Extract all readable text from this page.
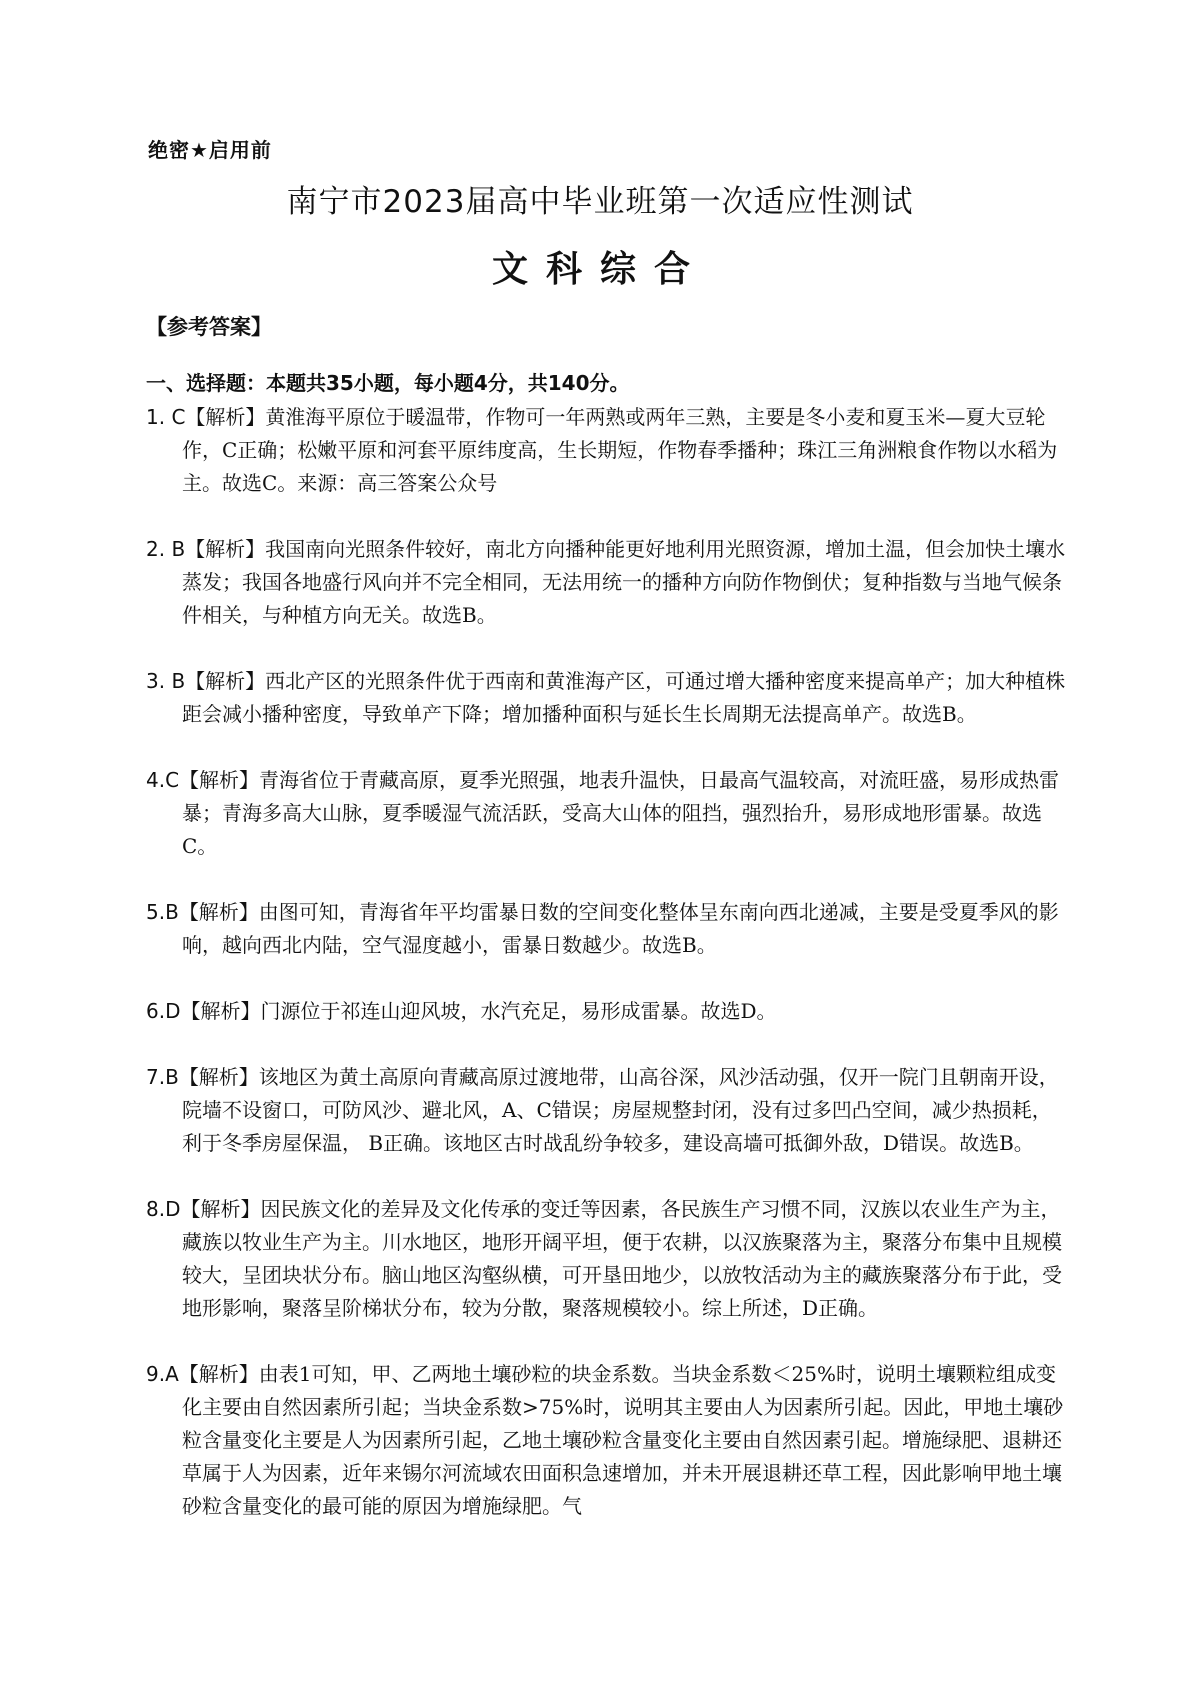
绝密★启用前
南宁市2023届高中毕业班第一次适应性测试
文科综合
【参考答案】
一、选择题：本题共35小题，每小题4分，共140分。
1. C【解析】黄淮海平原位于暖温带，作物可一年两熟或两年三熟，主要是冬小麦和夏玉米—夏大豆轮作，C正确；松嫩平原和河套平原纬度高，生长期短，作物春季播种；珠江三角洲粮食作物以水稻为主。故选C。来源：高三答案公众号
2. B【解析】我国南向光照条件较好，南北方向播种能更好地利用光照资源，增加土温，但会加快土壤水蒸发；我国各地盛行风向并不完全相同，无法用统一的播种方向防作物倒伏；复种指数与当地气候条件相关，与种植方向无关。故选B。
3. B【解析】西北产区的光照条件优于西南和黄淮海产区，可通过增大播种密度来提高单产；加大种植株距会减小播种密度，导致单产下降；增加播种面积与延长生长周期无法提高单产。故选B。
4.C【解析】青海省位于青藏高原，夏季光照强，地表升温快，日最高气温较高，对流旺盛，易形成热雷暴；青海多高大山脉，夏季暖湿气流活跃，受高大山体的阻挡，强烈抬升，易形成地形雷暴。故选C。
5.B【解析】由图可知，青海省年平均雷暴日数的空间变化整体呈东南向西北递减，主要是受夏季风的影响，越向西北内陆，空气湿度越小，雷暴日数越少。故选B。
6.D【解析】门源位于祁连山迎风坡，水汽充足，易形成雷暴。故选D。
7.B【解析】该地区为黄土高原向青藏高原过渡地带，山高谷深，风沙活动强，仅开一院门且朝南开设，院墙不设窗口，可防风沙、避北风，A、C错误；房屋规整封闭，没有过多凹凸空间，减少热损耗，利于冬季房屋保温， B正确。该地区古时战乱纷争较多，建设高墙可抵御外敌，D错误。故选B。
8.D【解析】因民族文化的差异及文化传承的变迁等因素，各民族生产习惯不同，汉族以农业生产为主，藏族以牧业生产为主。川水地区，地形开阔平坦，便于农耕，以汉族聚落为主，聚落分布集中且规模较大，呈团块状分布。脑山地区沟壑纵横，可开垦田地少，以放牧活动为主的藏族聚落分布于此，受地形影响，聚落呈阶梯状分布，较为分散，聚落规模较小。综上所述，D正确。
9.A【解析】由表1可知，甲、乙两地土壤砂粒的块金系数。当块金系数＜25%时，说明土壤颗粒组成变化主要由自然因素所引起；当块金系数>75%时，说明其主要由人为因素所引起。因此，甲地土壤砂粒含量变化主要是人为因素所引起，乙地土壤砂粒含量变化主要由自然因素引起。增施绿肥、退耕还草属于人为因素，近年来锡尔河流域农田面积急速增加，并未开展退耕还草工程，因此影响甲地土壤砂粒含量变化的最可能的原因为增施绿肥。气
